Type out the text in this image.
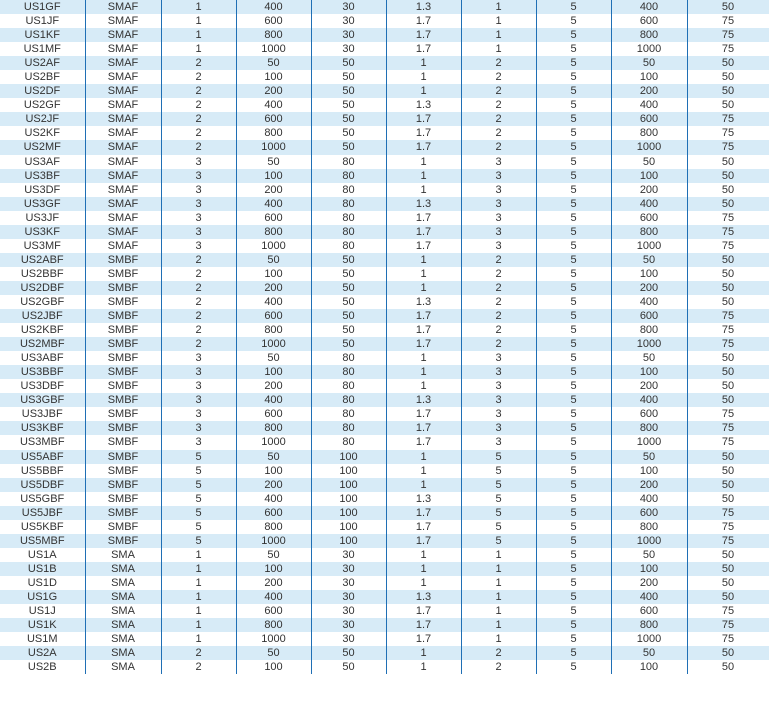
US1GF	SMAF	1	400	30	1.3	1	5	400	50
US1JF	SMAF	1	600	30	1.7	1	5	600	75
US1KF	SMAF	1	800	30	1.7	1	5	800	75
US1MF	SMAF	1	1000	30	1.7	1	5	1000	75
US2AF	SMAF	2	50	50	1	2	5	50	50
US2BF	SMAF	2	100	50	1	2	5	100	50
US2DF	SMAF	2	200	50	1	2	5	200	50
US2GF	SMAF	2	400	50	1.3	2	5	400	50
US2JF	SMAF	2	600	50	1.7	2	5	600	75
US2KF	SMAF	2	800	50	1.7	2	5	800	75
US2MF	SMAF	2	1000	50	1.7	2	5	1000	75
US3AF	SMAF	3	50	80	1	3	5	50	50
US3BF	SMAF	3	100	80	1	3	5	100	50
US3DF	SMAF	3	200	80	1	3	5	200	50
US3GF	SMAF	3	400	80	1.3	3	5	400	50
US3JF	SMAF	3	600	80	1.7	3	5	600	75
US3KF	SMAF	3	800	80	1.7	3	5	800	75
US3MF	SMAF	3	1000	80	1.7	3	5	1000	75
US2ABF	SMBF	2	50	50	1	2	5	50	50
US2BBF	SMBF	2	100	50	1	2	5	100	50
US2DBF	SMBF	2	200	50	1	2	5	200	50
US2GBF	SMBF	2	400	50	1.3	2	5	400	50
US2JBF	SMBF	2	600	50	1.7	2	5	600	75
US2KBF	SMBF	2	800	50	1.7	2	5	800	75
US2MBF	SMBF	2	1000	50	1.7	2	5	1000	75
US3ABF	SMBF	3	50	80	1	3	5	50	50
US3BBF	SMBF	3	100	80	1	3	5	100	50
US3DBF	SMBF	3	200	80	1	3	5	200	50
US3GBF	SMBF	3	400	80	1.3	3	5	400	50
US3JBF	SMBF	3	600	80	1.7	3	5	600	75
US3KBF	SMBF	3	800	80	1.7	3	5	800	75
US3MBF	SMBF	3	1000	80	1.7	3	5	1000	75
US5ABF	SMBF	5	50	100	1	5	5	50	50
US5BBF	SMBF	5	100	100	1	5	5	100	50
US5DBF	SMBF	5	200	100	1	5	5	200	50
US5GBF	SMBF	5	400	100	1.3	5	5	400	50
US5JBF	SMBF	5	600	100	1.7	5	5	600	75
US5KBF	SMBF	5	800	100	1.7	5	5	800	75
US5MBF	SMBF	5	1000	100	1.7	5	5	1000	75
US1A	SMA	1	50	30	1	1	5	50	50
US1B	SMA	1	100	30	1	1	5	100	50
US1D	SMA	1	200	30	1	1	5	200	50
US1G	SMA	1	400	30	1.3	1	5	400	50
US1J	SMA	1	600	30	1.7	1	5	600	75
US1K	SMA	1	800	30	1.7	1	5	800	75
US1M	SMA	1	1000	30	1.7	1	5	1000	75
US2A	SMA	2	50	50	1	2	5	50	50
US2B	SMA	2	100	50	1	2	5	100	50
